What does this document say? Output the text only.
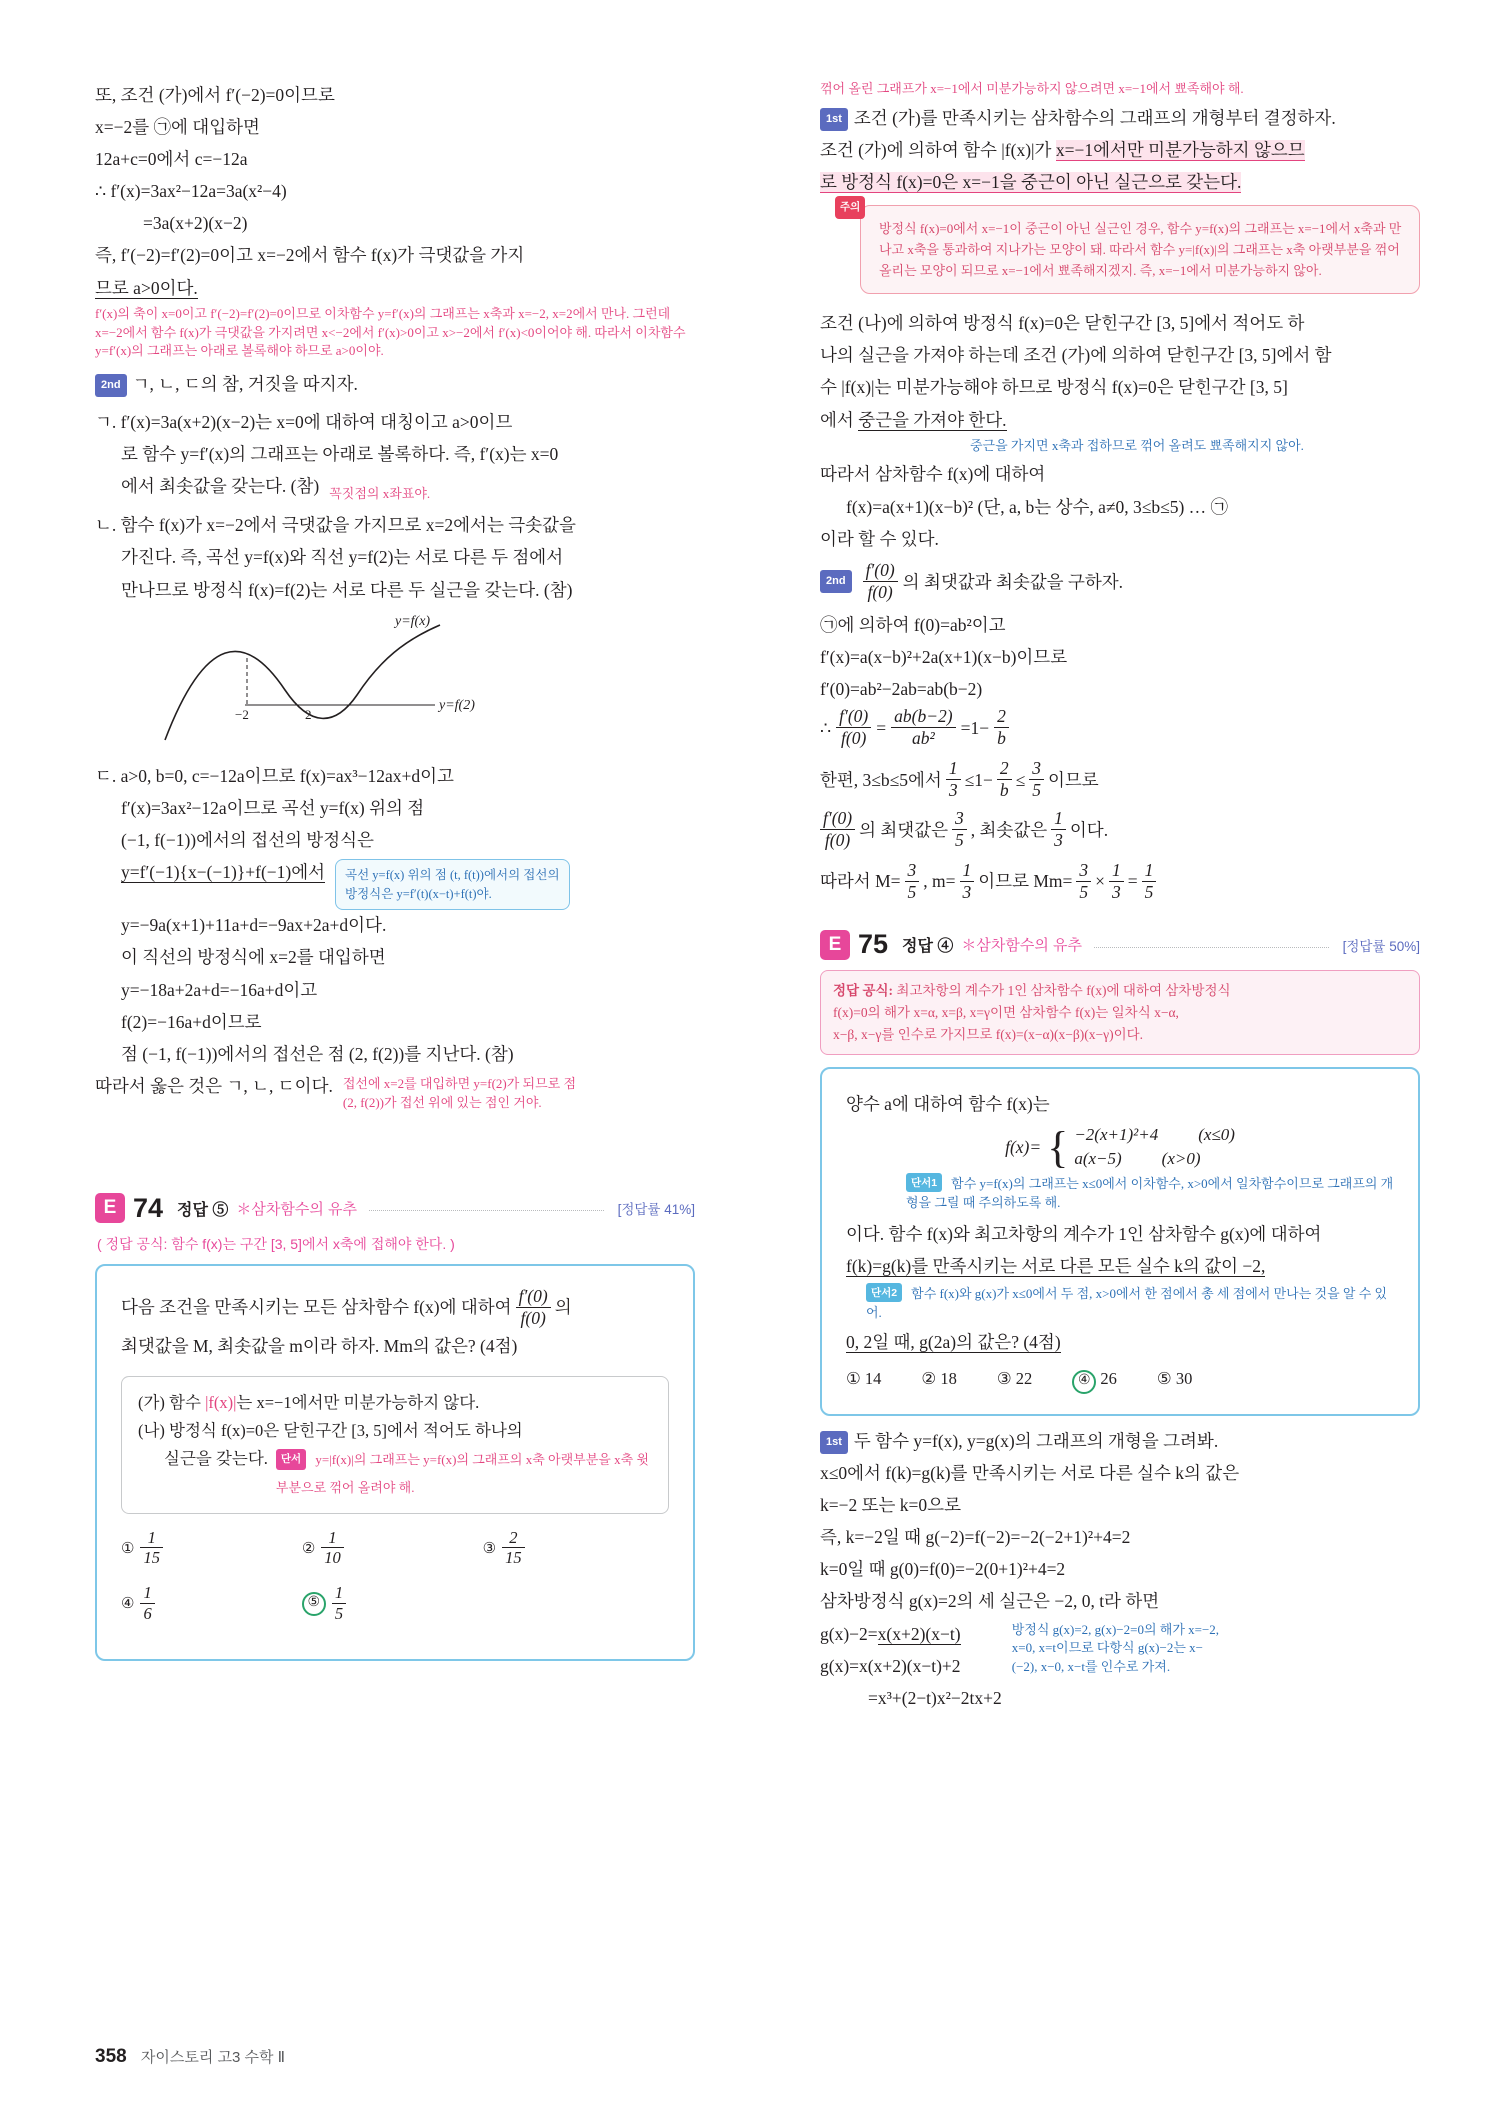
또, 조건 (가)에서 f′(−2)=0이므로
x=−2를 ㉠에 대입하면
12a+c=0에서 c=−12a
∴ f′(x)=3ax²−12a=3a(x²−4)
=3a(x+2)(x−2)
즉, f′(−2)=f′(2)=0이고 x=−2에서 함수 f(x)가 극댓값을 가지
므로 a>0이다.
f′(x)의 축이 x=0이고 f′(−2)=f′(2)=0이므로 이차함수 y=f′(x)의 그래프는 x축과 x=−2, x=2에서 만나. 그런데 x=−2에서 함수 f(x)가 극댓값을 가지려면 x<−2에서 f′(x)>0이고 x>−2에서 f′(x)<0이어야 해. 따라서 이차함수 y=f′(x)의 그래프는 아래로 볼록해야 하므로 a>0이야.
2nd ㄱ, ㄴ, ㄷ의 참, 거짓을 따지자.
ㄱ. f′(x)=3a(x+2)(x−2)는 x=0에 대하여 대칭이고 a>0이므
로 함수 y=f′(x)의 그래프는 아래로 볼록하다. 즉, f′(x)는 x=0
에서 최솟값을 갖는다. (참) 꼭짓점의 x좌표야.
ㄴ. 함수 f(x)가 x=−2에서 극댓값을 가지므로 x=2에서는 극솟값을
가진다. 즉, 곡선 y=f(x)와 직선 y=f(2)는 서로 다른 두 점에서
만나므로 방정식 f(x)=f(2)는 서로 다른 두 실근을 갖는다. (참)
y=f(x)
y=f(2)
−2	2
ㄷ. a>0, b=0, c=−12a이므로 f(x)=ax³−12ax+d이고
f′(x)=3ax²−12a이므로 곡선 y=f(x) 위의 점
(−1, f(−1))에서의 접선의 방정식은
y=f′(−1){x−(−1)}+f(−1)에서	곡선 y=f(x) 위의 점 (t, f(t))에서의 접선의 방정식은 y=f′(t)(x−t)+f(t)야.
y=−9a(x+1)+11a+d=−9ax+2a+d이다.
이 직선의 방정식에 x=2를 대입하면
y=−18a+2a+d=−16a+d이고
f(2)=−16a+d이므로
점 (−1, f(−1))에서의 접선은 점 (2, f(2))를 지난다. (참)
따라서 옳은 것은 ㄱ, ㄴ, ㄷ이다. 접선에 x=2를 대입하면 y=f(2)가 되므로 점 (2, f(2))가 접선 위에 있는 점인 거야.
E 74 정답 ⑤ ＊삼차함수의 유추	[정답률 41%]
( 정답 공식: 함수 f(x)는 구간 [3, 5]에서 x축에 접해야 한다. )
다음 조건을 만족시키는 모든 삼차함수 f(x)에 대하여 $\frac{f'(0)}{f(0)}$ 의
최댓값을 M, 최솟값을 m이라 하자. Mm의 값은? (4점)
(가) 함수 |f(x)|는 x=−1에서만 미분가능하지 않다.
(나) 방정식 f(x)=0은 닫힌구간 [3, 5]에서 적어도 하나의
실근을 갖는다.	단서 y=|f(x)|의 그래프는 y=f(x)의 그래프의 x축 아랫부분을 x축 윗부분으로 꺾어 올려야 해.
① $\frac{1}{15}$	② $\frac{1}{10}$	③ $\frac{2}{15}$
④ $\frac{1}{6}$	⑤ $\frac{1}{5}$
꺾어 올린 그래프가 x=−1에서 미분가능하지 않으려면 x=−1에서 뾰족해야 해.
1st 조건 (가)를 만족시키는 삼차함수의 그래프의 개형부터 결정하자.
조건 (가)에 의하여 함수 |f(x)|가 x=−1에서만 미분가능하지 않으므
로 방정식 f(x)=0은 x=−1을 중근이 아닌 실근으로 갖는다.
주의
방정식 f(x)=0에서 x=−1이 중근이 아닌 실근인 경우, 함수 y=f(x)의 그래프는 x=−1에서 x축과 만나고 x축을 통과하여 지나가는 모양이 돼. 따라서 함수 y=|f(x)|의 그래프는 x축 아랫부분을 꺾어 올리는 모양이 되므로 x=−1에서 뾰족해지겠지. 즉, x=−1에서 미분가능하지 않아.
조건 (나)에 의하여 방정식 f(x)=0은 닫힌구간 [3, 5]에서 적어도 하
나의 실근을 가져야 하는데 조건 (가)에 의하여 닫힌구간 [3, 5]에서 함
수 |f(x)|는 미분가능해야 하므로 방정식 f(x)=0은 닫힌구간 [3, 5]
에서 중근을 가져야 한다.
중근을 가지면 x축과 접하므로 꺾어 올려도 뾰족해지지 않아.
따라서 삼차함수 f(x)에 대하여
f(x)=a(x+1)(x−b)² (단, a, b는 상수, a≠0, 3≤b≤5) … ㉠
이라 할 수 있다.
$2nd \frac{f'(0)}{f(0)}$ 의 최댓값과 최솟값을 구하자.
㉠에 의하여 f(0)=ab²이고
f′(x)=a(x−b)²+2a(x+1)(x−b)이므로
f′(0)=ab²−2ab=ab(b−2)
∴ $\frac{f'(0)}{f(0)} = \frac{ab(b-2)}{\text{ab²}} =1- \frac{2}{b}$
한편, 3≤b≤5에서 $\frac{1}{3} \le 1- \frac{2}{b} \le \frac{3}{5}$ 이므로
$\frac{f'(0)}{f(0)}$ 의 최댓값은 $\frac{3}{5}$ , 최솟값은 $\frac{1}{3}$ 이다.
따라서 $M= \frac{3}{5}$ , $m= \frac{1}{3}$ 이므로 $Mm= \frac{3}{5} \times \frac{1}{3} = \frac{1}{5}$
E 75 정답 ④ ＊삼차함수의 유추	[정답률 50%]
정답 공식: 최고차항의 계수가 1인 삼차함수 f(x)에 대하여 삼차방정식
f(x)=0의 해가 x=α, x=β, x=γ이면 삼차함수 f(x)는 일차식 x−α,
x−β, x−γ를 인수로 가지므로 f(x)=(x−α)(x−β)(x−γ)이다.
양수 a에 대하여 함수 f(x)는
f(x)= { −2(x+1)²+4 (x≤0)
a(x−5) (x>0)
단서1 함수 y=f(x)의 그래프는 x≤0에서 이차함수, x>0에서 일차함수이므로 그래프의 개형을 그릴 때 주의하도록 해.
이다. 함수 f(x)와 최고차항의 계수가 1인 삼차함수 g(x)에 대하여
f(k)=g(k)를 만족시키는 서로 다른 모든 실수 k의 값이 −2,
단서2 함수 f(x)와 g(x)가 x≤0에서 두 점, x>0에서 한 점에서 총 세 점에서 만나는 것을 알 수 있어.
0, 2일 때, g(2a)의 값은? (4점)
① 14 ② 18 ③ 22	④ 26 ⑤ 30
1st 두 함수 y=f(x), y=g(x)의 그래프의 개형을 그려봐.
x≤0에서 f(k)=g(k)를 만족시키는 서로 다른 실수 k의 값은
k=−2 또는 k=0으로
즉, k=−2일 때 g(−2)=f(−2)=−2(−2+1)²+4=2
k=0일 때 g(0)=f(0)=−2(0+1)²+4=2
삼차방정식 g(x)=2의 세 실근은 −2, 0, t라 하면
g(x)−2=x(x+2)(x−t)
g(x)=x(x+2)(x−t)+2
=x³+(2−t)x²−2tx+2
방정식 g(x)=2, g(x)−2=0의 해가 x=−2, x=0, x=t이므로 다항식 g(x)−2는 x−(−2), x−0, x−t를 인수로 가져.
358 자이스토리 고3 수학 Ⅱ
